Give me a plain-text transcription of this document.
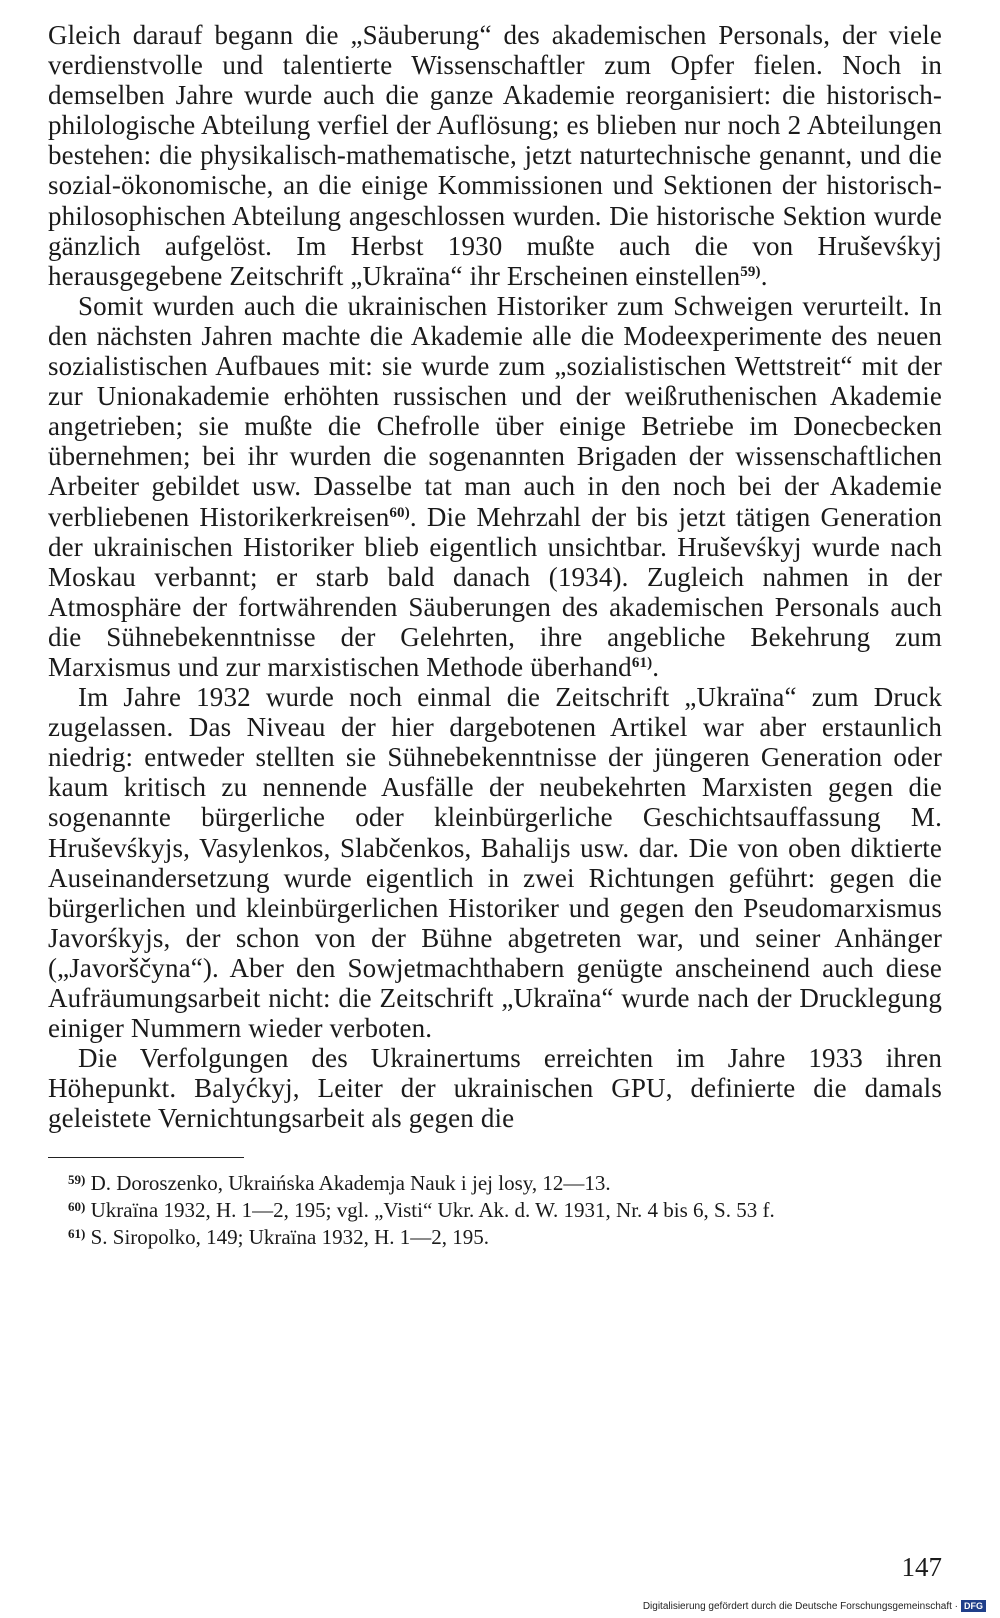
Gleich darauf begann die „Säuberung“ des akademischen Personals, der viele verdienstvolle und talentierte Wissenschaftler zum Opfer fielen. Noch in demselben Jahre wurde auch die ganze Akademie reorganisiert: die historisch-philologische Abteilung verfiel der Auflösung; es blieben nur noch 2 Abteilungen bestehen: die physikalisch-mathematische, jetzt naturtechnische genannt, und die sozial-ökonomische, an die einige Kommissionen und Sektionen der historisch-philosophischen Abteilung angeschlossen wurden. Die historische Sektion wurde gänzlich aufgelöst. Im Herbst 1930 mußte auch die von Hruševśkyj herausgegebene Zeitschrift „Ukraïna“ ihr Erscheinen einstellen$^{59)}$.

Somit wurden auch die ukrainischen Historiker zum Schweigen verurteilt. In den nächsten Jahren machte die Akademie alle die Modeexperimente des neuen sozialistischen Aufbaues mit: sie wurde zum „sozialistischen Wettstreit“ mit der zur Unionakademie erhöhten russischen und der weißruthenischen Akademie angetrieben; sie mußte die Chefrolle über einige Betriebe im Donecbecken übernehmen; bei ihr wurden die sogenannten Brigaden der wissenschaftlichen Arbeiter gebildet usw. Dasselbe tat man auch in den noch bei der Akademie verbliebenen Historikerkreisen$^{60)}$. Die Mehrzahl der bis jetzt tätigen Generation der ukrainischen Historiker blieb eigentlich unsichtbar. Hruševśkyj wurde nach Moskau verbannt; er starb bald danach (1934). Zugleich nahmen in der Atmosphäre der fortwährenden Säuberungen des akademischen Personals auch die Sühnebekenntnisse der Gelehrten, ihre angebliche Bekehrung zum Marxismus und zur marxistischen Methode überhand$^{61)}$.

Im Jahre 1932 wurde noch einmal die Zeitschrift „Ukraïna“ zum Druck zugelassen. Das Niveau der hier dargebotenen Artikel war aber erstaunlich niedrig: entweder stellten sie Sühnebekenntnisse der jüngeren Generation oder kaum kritisch zu nennende Ausfälle der neubekehrten Marxisten gegen die sogenannte bürgerliche oder kleinbürgerliche Geschichtsauffassung M. Hruševśkyjs, Vasylenkos, Slabčenkos, Bahalijs usw. dar. Die von oben diktierte Auseinandersetzung wurde eigentlich in zwei Richtungen geführt: gegen die bürgerlichen und kleinbürgerlichen Historiker und gegen den Pseudomarxismus Javorśkyjs, der schon von der Bühne abgetreten war, und seiner Anhänger („Javorščyna“). Aber den Sowjetmachthabern genügte anscheinend auch diese Aufräumungsarbeit nicht: die Zeitschrift „Ukraïna“ wurde nach der Drucklegung einiger Nummern wieder verboten.

Die Verfolgungen des Ukrainertums erreichten im Jahre 1933 ihren Höhepunkt. Balyćkyj, Leiter der ukrainischen GPU, definierte die damals geleistete Vernichtungsarbeit als gegen die

$^{59)}$ D. Doroszenko, Ukraińska Akademja Nauk i jej losy, 12—13.

$^{60)}$ Ukraïna 1932, H. 1—2, 195; vgl. „Visti“ Ukr. Ak. d. W. 1931, Nr. 4 bis 6, S. 53 f.

$^{61)}$ S. Siropolko, 149; Ukraïna 1932, H. 1—2, 195.

147
Digitalisierung gefördert durch die Deutsche Forschungsgemeinschaft · DFG
